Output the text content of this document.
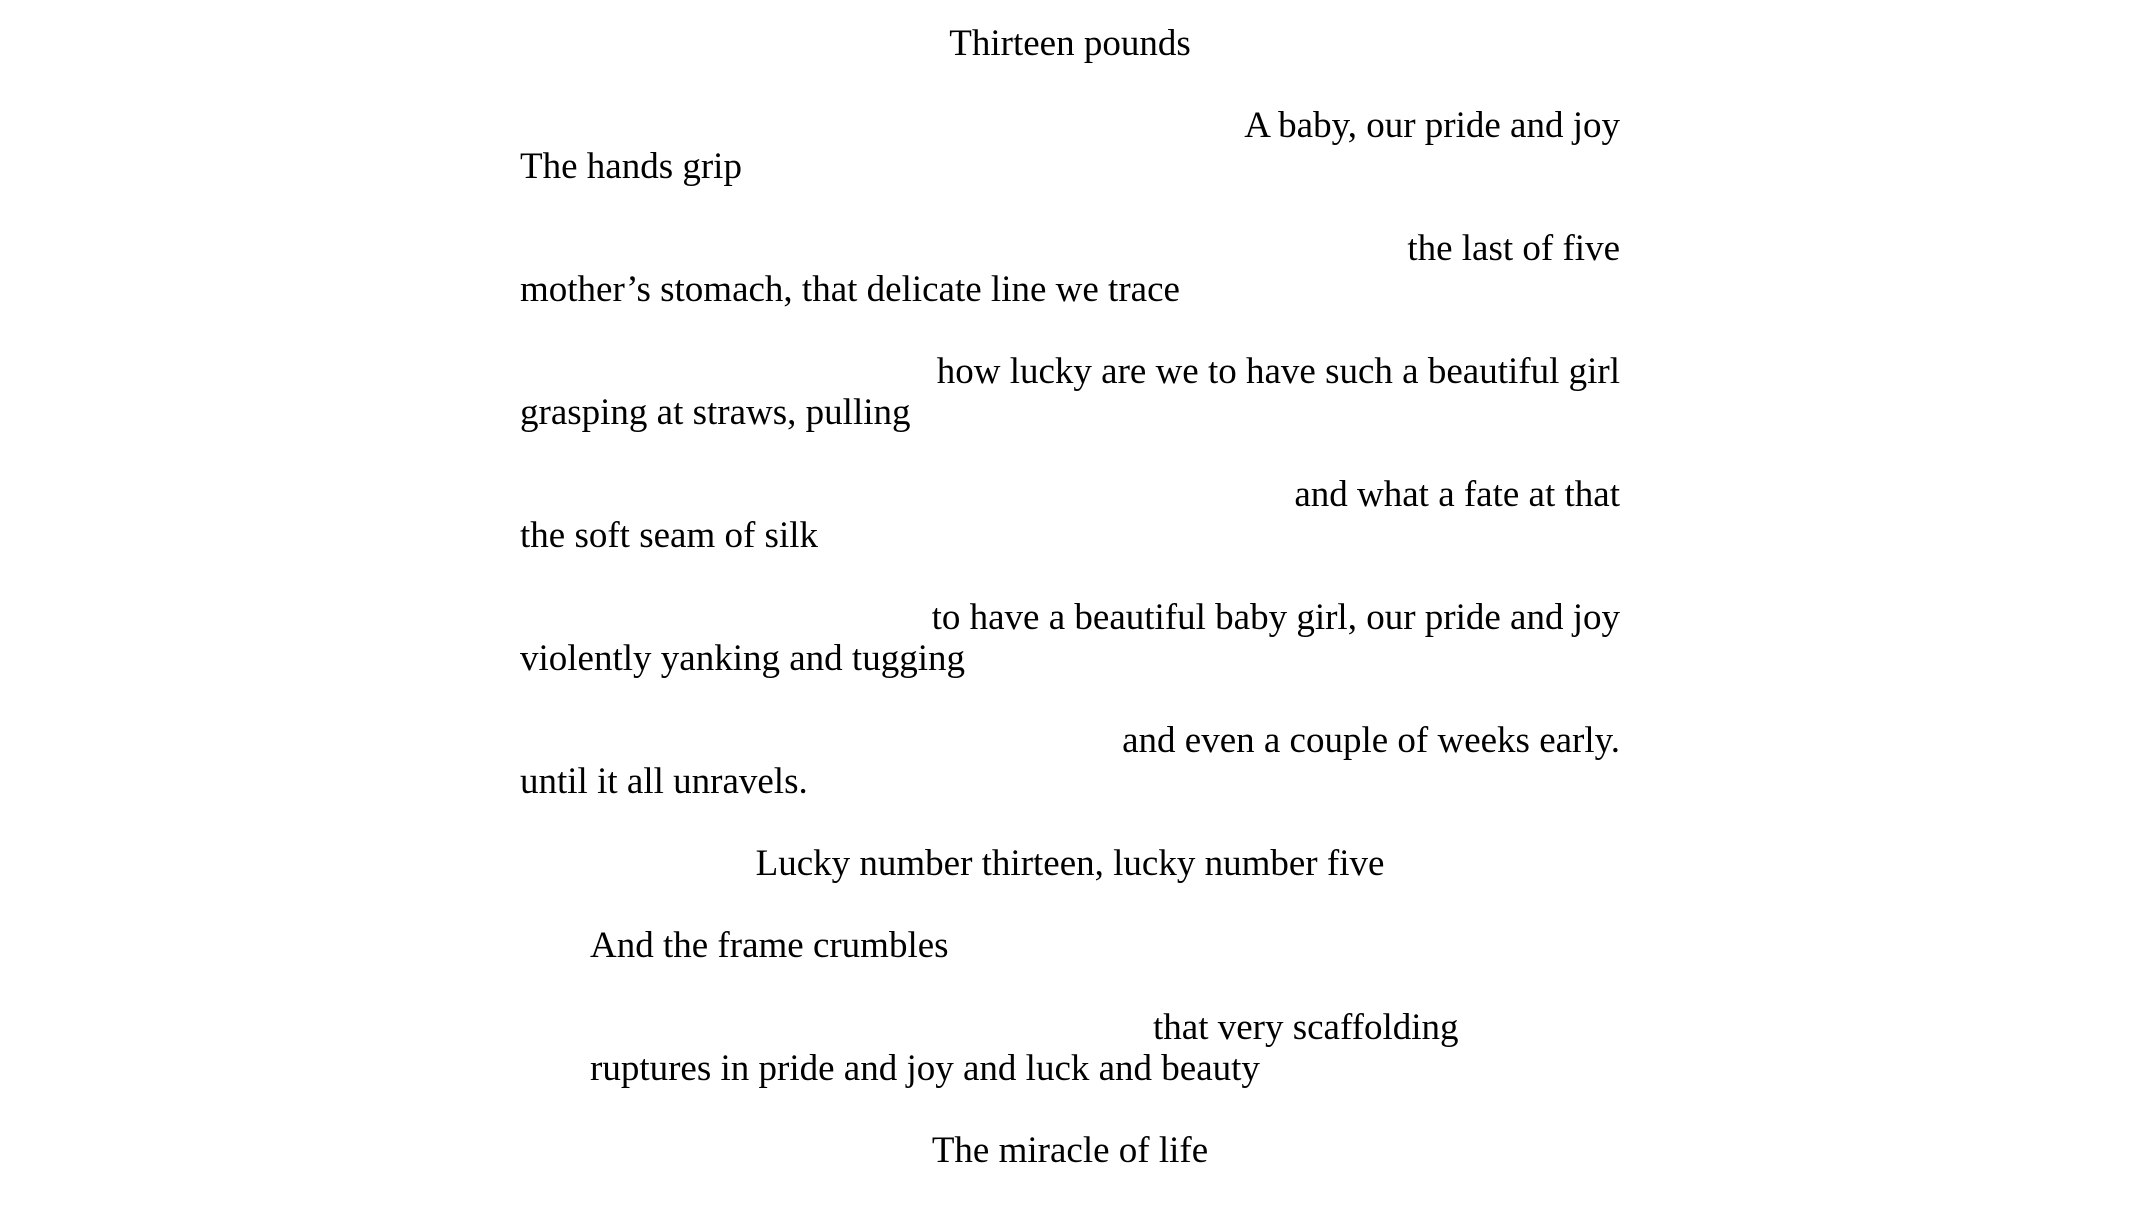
Thirteen pounds
A baby, our pride and joy
The hands grip
the last of five
mother’s stomach, that delicate line we trace
how lucky are we to have such a beautiful girl
grasping at straws, pulling
and what a fate at that
the soft seam of silk
to have a beautiful baby girl, our pride and joy
violently yanking and tugging
and even a couple of weeks early.
until it all unravels.
Lucky number thirteen, lucky number five
And the frame crumbles
that very scaffolding
ruptures in pride and joy and luck and beauty
The miracle of life
